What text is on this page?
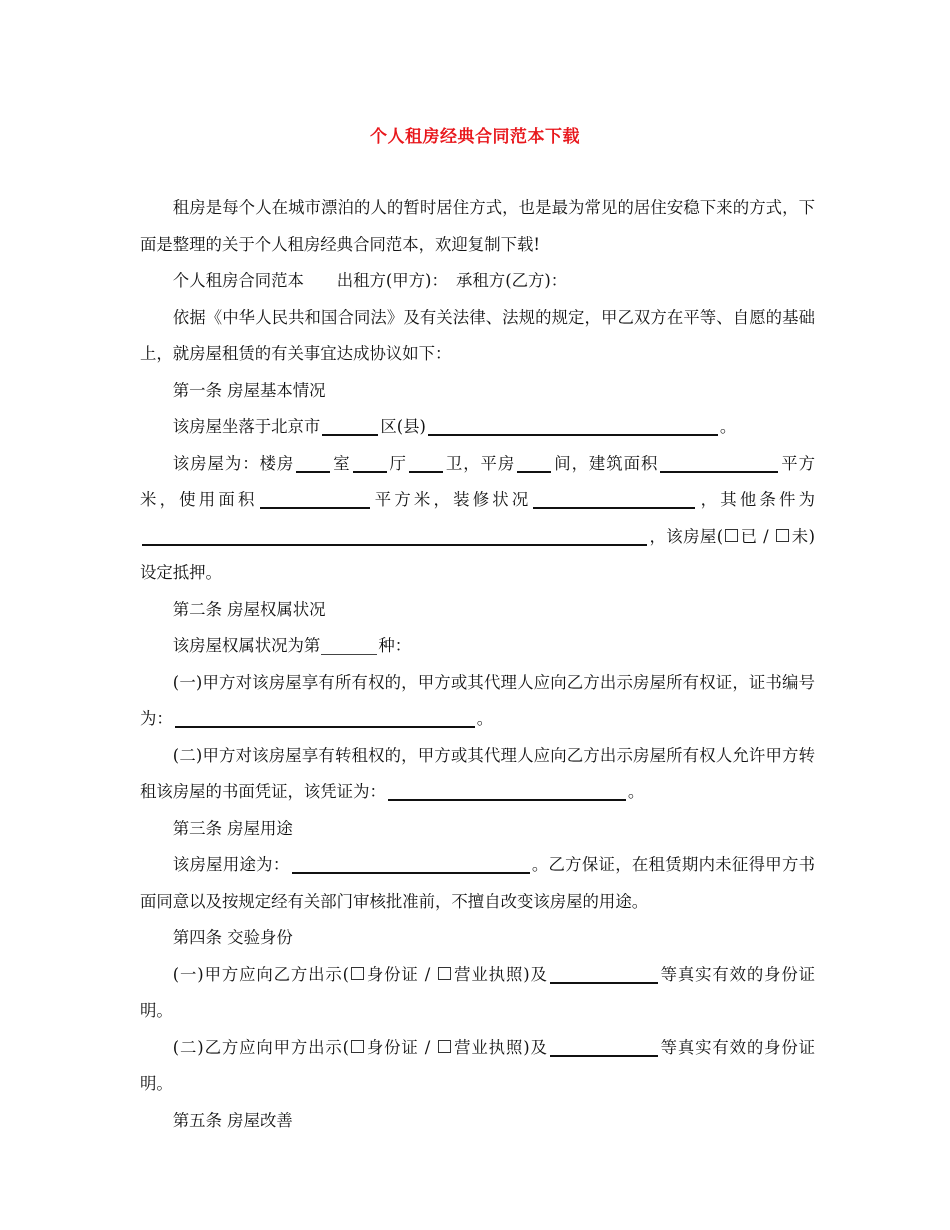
个人租房经典合同范本下载

租房是每个人在城市漂泊的人的暂时居住方式，也是最为常见的居住安稳下来的方式，下面是整理的关于个人租房经典合同范本，欢迎复制下载!

个人租房合同范本　　出租方(甲方)：　承租方(乙方)：

依据《中华人民共和国合同法》及有关法律、法规的规定，甲乙双方在平等、自愿的基础上，就房屋租赁的有关事宜达成协议如下：

第一条 房屋基本情况

该房屋坐落于北京市	区(县)	。

该房屋为：楼房 室 厅 卫，平房 间，建筑面积	平方米，使用面积	平方米，装修状况	，其他条件为，该房屋( 已 / 未)设定抵押。

第二条 房屋权属状况

该房屋权属状况为第	种：

(一)甲方对该房屋享有所有权的，甲方或其代理人应向乙方出示房屋所有权证，证书编号为：	。

(二)甲方对该房屋享有转租权的，甲方或其代理人应向乙方出示房屋所有权人允许甲方转租该房屋的书面凭证，该凭证为：	。

第三条 房屋用途

该房屋用途为：	。乙方保证，在租赁期内未征得甲方书面同意以及按规定经有关部门审核批准前，不擅自改变该房屋的用途。

第四条 交验身份

(一)甲方应向乙方出示( 身份证 / 营业执照)及	等真实有效的身份证明。

(二)乙方应向甲方出示( 身份证 / 营业执照)及	等真实有效的身份证明。

第五条 房屋改善
